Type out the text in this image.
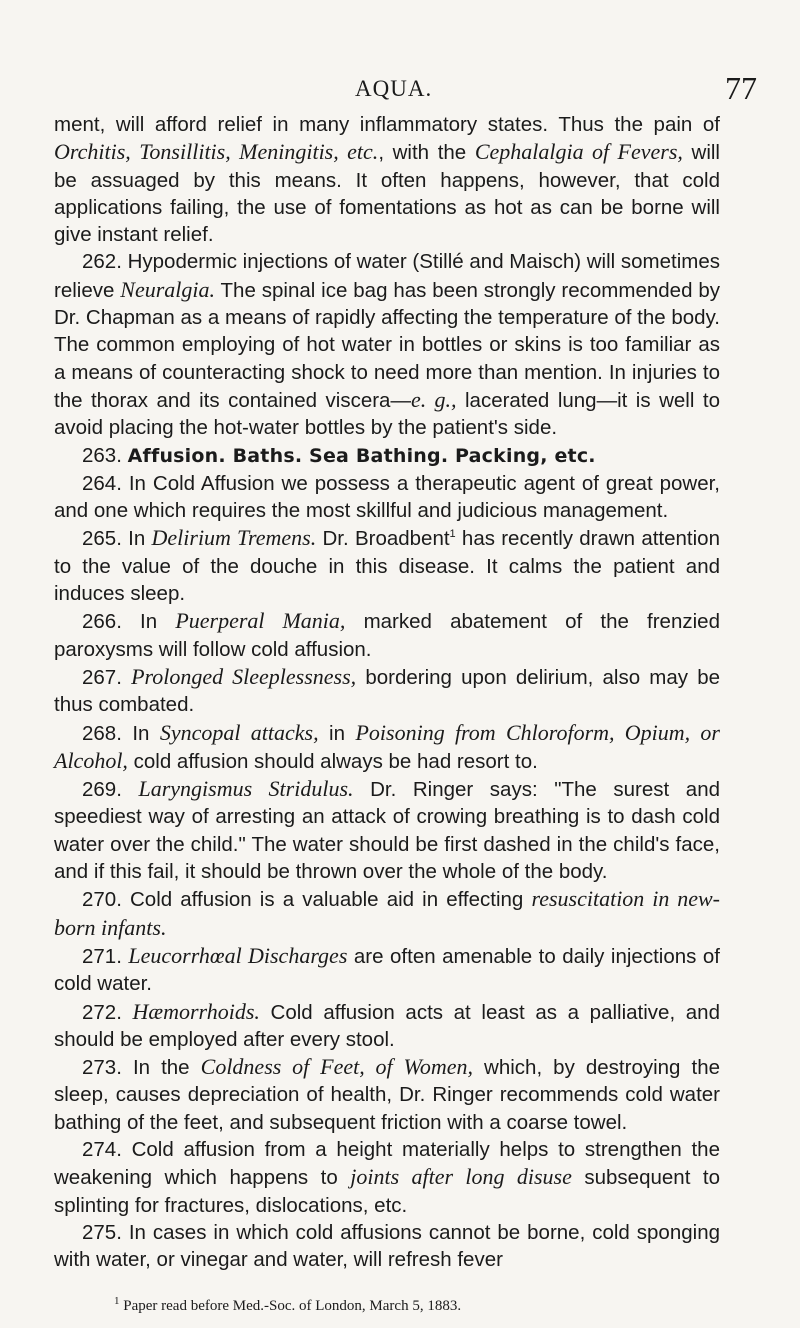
AQUA.	77

ment, will afford relief in many inflammatory states. Thus the pain of Orchitis, Tonsillitis, Meningitis, etc., with the Cephalalgia of Fevers, will be assuaged by this means. It often happens, however, that cold applications failing, the use of fomentations as hot as can be borne will give instant relief.

262. Hypodermic injections of water (Stillé and Maisch) will sometimes relieve Neuralgia. The spinal ice bag has been strongly recommended by Dr. Chapman as a means of rapidly affecting the temperature of the body. The common employing of hot water in bottles or skins is too familiar as a means of counteracting shock to need more than mention. In injuries to the thorax and its contained viscera—e. g., lacerated lung—it is well to avoid placing the hot-water bottles by the patient's side.

263. Affusion. Baths. Sea Bathing. Packing, etc.

264. In Cold Affusion we possess a therapeutic agent of great power, and one which requires the most skillful and judicious management.

265. In Delirium Tremens. Dr. Broadbent$^1$ has recently drawn attention to the value of the douche in this disease. It calms the patient and induces sleep.

266. In Puerperal Mania, marked abatement of the frenzied paroxysms will follow cold affusion.

267. Prolonged Sleeplessness, bordering upon delirium, also may be thus combated.

268. In Syncopal attacks, in Poisoning from Chloroform, Opium, or Alcohol, cold affusion should always be had resort to.

269. Laryngismus Stridulus. Dr. Ringer says: "The surest and speediest way of arresting an attack of crowing breathing is to dash cold water over the child." The water should be first dashed in the child's face, and if this fail, it should be thrown over the whole of the body.

270. Cold affusion is a valuable aid in effecting resuscitation in new-born infants.

271. Leucorrhœal Discharges are often amenable to daily injections of cold water.

272. Hæmorrhoids. Cold affusion acts at least as a palliative, and should be employed after every stool.

273. In the Coldness of Feet, of Women, which, by destroying the sleep, causes depreciation of health, Dr. Ringer recommends cold water bathing of the feet, and subsequent friction with a coarse towel.

274. Cold affusion from a height materially helps to strengthen the weakening which happens to joints after long disuse subsequent to splinting for fractures, dislocations, etc.

275. In cases in which cold affusions cannot be borne, cold sponging with water, or vinegar and water, will refresh fever

$^1$ Paper read before Med.-Soc. of London, March 5, 1883.
